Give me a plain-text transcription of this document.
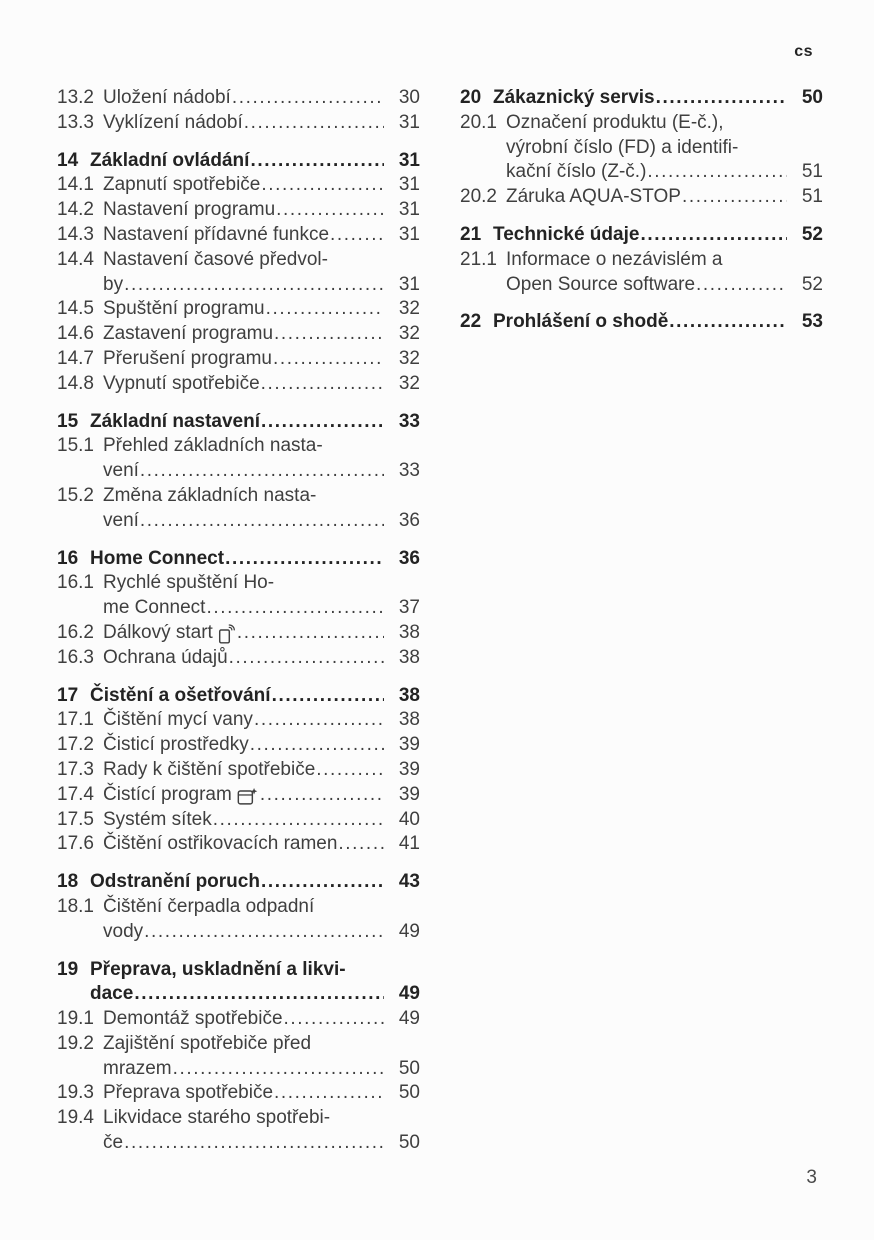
cs
13.2 Uložení nádobí .....	30
13.3 Vyklízení nádobí .....	31
14 Základní ovládání .....	31
14.1 Zapnutí spotřebiče .....	31
14.2 Nastavení programu .....	31
14.3 Nastavení přídavné funkce .....	31
14.4 Nastavení časové předvol-
by .....	31
14.5 Spuštění programu .....	32
14.6 Zastavení programu .....	32
14.7 Přerušení programu .....	32
14.8 Vypnutí spotřebiče .....	32
15 Základní nastavení .....	33
15.1 Přehled základních nasta-
vení .....	33
15.2 Změna základních nasta-
vení .....	36
16 Home Connect .....	36
16.1 Rychlé spuštění Ho-
me Connect .....	37
16.2 Dálkový start .....	38
16.3 Ochrana údajů .....	38
17 Čistění a ošetřování .....	38
17.1 Čištění mycí vany .....	38
17.2 Čisticí prostředky .....	39
17.3 Rady k čištění spotřebiče .....	39
17.4 Čistící program .....	39
17.5 Systém sítek .....	40
17.6 Čištění ostřikovacích ramen .....	41
18 Odstranění poruch .....	43
18.1 Čištění čerpadla odpadní
vody .....	49
19 Přeprava, uskladnění a likvi-
dace .....	49
19.1 Demontáž spotřebiče .....	49
19.2 Zajištění spotřebiče před
mrazem .....	50
19.3 Přeprava spotřebiče .....	50
19.4 Likvidace starého spotřebi-
če .....	50
20 Zákaznický servis .....	50
20.1 Označení produktu (E-č.),
výrobní číslo (FD) a identifi-
kační číslo (Z-č.) .....	51
20.2 Záruka AQUA-STOP .....	51
21 Technické údaje .....	52
21.1 Informace o nezávislém a
Open Source software .....	52
22 Prohlášení o shodě .....	53
3
